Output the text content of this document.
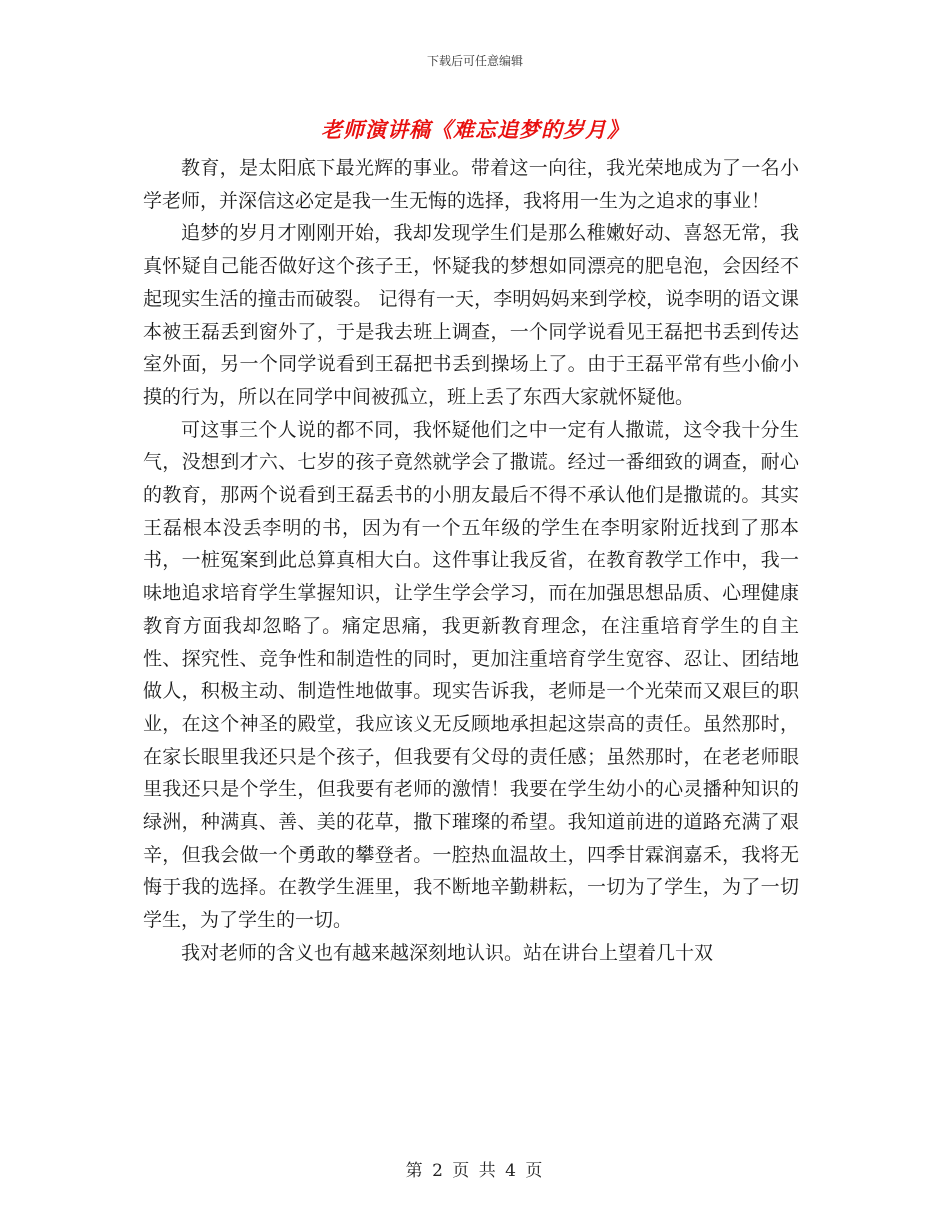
下载后可任意编辑
老师演讲稿《难忘追梦的岁月》

教育，是太阳底下最光辉的事业。带着这一向往，我光荣地成为了一名小学老师，并深信这必定是我一生无悔的选择，我将用一生为之追求的事业！

追梦的岁月才刚刚开始，我却发现学生们是那么稚嫩好动、喜怒无常，我真怀疑自己能否做好这个孩子王，怀疑我的梦想如同漂亮的肥皂泡，会因经不起现实生活的撞击而破裂。 记得有一天，李明妈妈来到学校，说李明的语文课本被王磊丢到窗外了，于是我去班上调查，一个同学说看见王磊把书丢到传达室外面，另一个同学说看到王磊把书丢到操场上了。由于王磊平常有些小偷小摸的行为，所以在同学中间被孤立，班上丢了东西大家就怀疑他。

可这事三个人说的都不同，我怀疑他们之中一定有人撒谎，这令我十分生气，没想到才六、七岁的孩子竟然就学会了撒谎。经过一番细致的调查，耐心的教育，那两个说看到王磊丢书的小朋友最后不得不承认他们是撒谎的。其实王磊根本没丢李明的书，因为有一个五年级的学生在李明家附近找到了那本书，一桩冤案到此总算真相大白。这件事让我反省，在教育教学工作中，我一味地追求培育学生掌握知识，让学生学会学习，而在加强思想品质、心理健康教育方面我却忽略了。痛定思痛，我更新教育理念，在注重培育学生的自主性、探究性、竞争性和制造性的同时，更加注重培育学生宽容、忍让、团结地做人，积极主动、制造性地做事。现实告诉我，老师是一个光荣而又艰巨的职业，在这个神圣的殿堂，我应该义无反顾地承担起这崇高的责任。虽然那时，在家长眼里我还只是个孩子，但我要有父母的责任感；虽然那时，在老老师眼里我还只是个学生，但我要有老师的激情！我要在学生幼小的心灵播种知识的绿洲，种满真、善、美的花草，撒下璀璨的希望。我知道前进的道路充满了艰辛，但我会做一个勇敢的攀登者。一腔热血温故土，四季甘霖润嘉禾，我将无悔于我的选择。在教学生涯里，我不断地辛勤耕耘，一切为了学生，为了一切学生，为了学生的一切。

我对老师的含义也有越来越深刻地认识。站在讲台上望着几十双

第 2 页 共 4 页
